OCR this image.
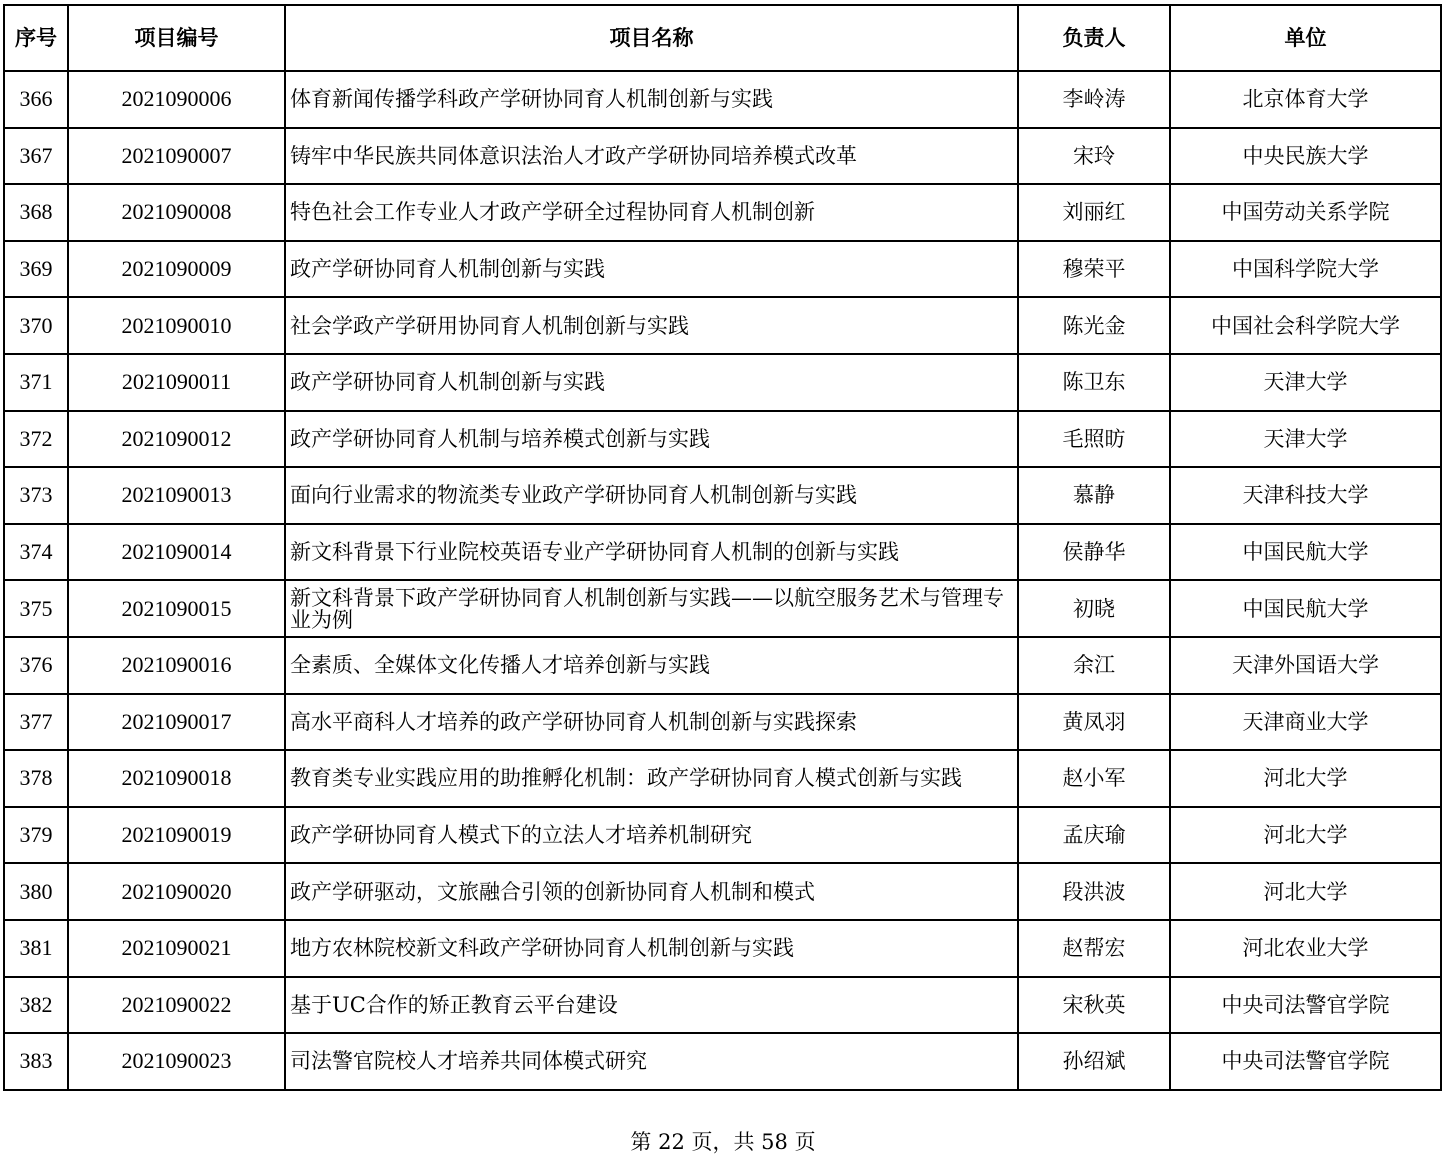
序号	项目编号	项目名称	负责人	单位
366	2021090006	体育新闻传播学科政产学研协同育人机制创新与实践	李岭涛	北京体育大学
367	2021090007	铸牢中华民族共同体意识法治人才政产学研协同培养模式改革	宋玲	中央民族大学
368	2021090008	特色社会工作专业人才政产学研全过程协同育人机制创新	刘丽红	中国劳动关系学院
369	2021090009	政产学研协同育人机制创新与实践	穆荣平	中国科学院大学
370	2021090010	社会学政产学研用协同育人机制创新与实践	陈光金	中国社会科学院大学
371	2021090011	政产学研协同育人机制创新与实践	陈卫东	天津大学
372	2021090012	政产学研协同育人机制与培养模式创新与实践	毛照昉	天津大学
373	2021090013	面向行业需求的物流类专业政产学研协同育人机制创新与实践	慕静	天津科技大学
374	2021090014	新文科背景下行业院校英语专业产学研协同育人机制的创新与实践	侯静华	中国民航大学
375	2021090015	新文科背景下政产学研协同育人机制创新与实践——以航空服务艺术与管理专业为例	初晓	中国民航大学
376	2021090016	全素质、全媒体文化传播人才培养创新与实践	余江	天津外国语大学
377	2021090017	高水平商科人才培养的政产学研协同育人机制创新与实践探索	黄凤羽	天津商业大学
378	2021090018	教育类专业实践应用的助推孵化机制：政产学研协同育人模式创新与实践	赵小军	河北大学
379	2021090019	政产学研协同育人模式下的立法人才培养机制研究	孟庆瑜	河北大学
380	2021090020	政产学研驱动，文旅融合引领的创新协同育人机制和模式	段洪波	河北大学
381	2021090021	地方农林院校新文科政产学研协同育人机制创新与实践	赵帮宏	河北农业大学
382	2021090022	基于UC合作的矫正教育云平台建设	宋秋英	中央司法警官学院
383	2021090023	司法警官院校人才培养共同体模式研究	孙绍斌	中央司法警官学院
第 22 页，共 58 页
